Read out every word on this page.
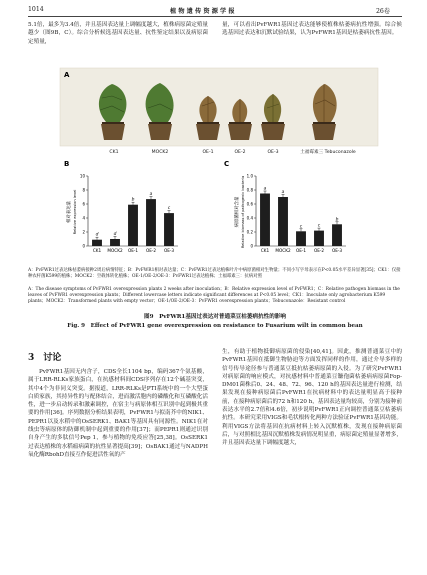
1014	植 物 遗 传 资 源 学 报	26卷

5.1倍，最多为3.4倍，并且基因表达量上调幅度越大，植株病原菌定殖量越少（图9B，C）。综合分析候选基因表达量、抗性鉴定结果以及病原菌定殖量，

量，可以看出PvFWR1基因过表达能够使植株枯萎病抗性增强。综合候选基因过表达和沉默试验结果，认为PvFWR1基因是枯萎病抗性基因。

A
CK1	MOCK2	OE-1	OE-2	OE-3	土福霉素三 Tebuconazole
B
相对表达量 Relative expression level
0
2
4
6
8
10
d
CK1
d
MOCK2
b
OE-1
a
OE-2
c
OE-3
C
病原菌相对含量 Relative biomass of pathogenic bacteria 0
0.2
0.4
0.6
0.8
1.0
a
CK1
a
MOCK2
c
OE-1
c
OE-2
b
OE-3

A：PvFWR1过表达株枯萎病接种2周后病情特征；B：PvFWR1相对表达量；C：PvFWR1过表达植株叶片中病原菌相对生物量；不同小写字母表示在P<0.05水平差异显著[35]；CK1：仅接种农杆菌K599的植株；MOCK2：空载体转化植株；OE-1/OE-2/OE-3：PvFWR1过表达植株；土福霉素三：抗病对照

A：The disease symptoms of PvFWR1 overexpression plants 2 weeks after inoculation；B：Relative expression level of PvFWR1；C：Relative pathogen biomass in the leaves of PvFWR1 overexpression plants；Different lowercase letters indicate significant differences at P<0.05 level；CK1：Inoculate only agrobacterium K599 plants；MOCK2：Transformed plants with empty vector；OE-1/OE-2/OE-3：PvFWR1 overexpression plants；Tebuconazole：Resistant control

图9　PvFWR1基因过表达对普通菜豆枯萎病抗性的影响
Fig. 9　Effect of PvFWR1 gene overexpression on resistance to Fusarium wilt in common bean
3　讨论

PvFWR1基因无内含子，CDS全长1104 bp，编码367个氨基酸，属于LRR-RLKs家族蛋白，在抗感材料间CDS序列存在12个碱基突变，其中4个为非同义突变。据报道，LRR-RLKs是PTI系统中的一个大型蛋白质家族，其持异性的与配体结合，进而激活胞内的磷酸化和互磷酸化活性，进一步启动转录和激素调控，在宿主与病原体相互识别中起到极其重要的作用[36]。序列数据分析结果表明，PvFWR1与拟南芥中的NIK1、PEPR1以及水稻中的OsSERK1、BAK1等基因具有同源性。NIK1在对线虫等病原体的防御机制中起到重要的作用[37]；而PEPR1则通过识别自身产生的多肽信号Pep 1，参与植物的免疫应答[25,38]。OsSERK1过表达植株的水稻瘟病菌的抗性显著提高[39]；OsBAK1通过与NADPH氧化酶RbohD直接互作促进活性氧的产

生，有助于植物抵御病原菌的侵染[40,41]。因此，推测普通菜豆中的PvFWR1基因在抵御生物胁迫等方面发挥同样的作用，通过介导多样的信号传导途径参与普通菜豆抵抗枯萎病原菌的入侵。为了研究PvFWR1对病原菌的响应模式，对抗感材料中普通菜豆镰孢菌枯萎病病原菌Fop-DM01菌株后0、24、48、72、96、120 h的基因表达量进行检测，结果发现在接种病原菌后PvFWR1在抗病材料中的表达量明显高于接种前，在接种病原菌后的72 h和120 h，基因表达量均较高，分别为接种前表达水平的2.7倍和4.6倍，初步说明PvFWR1正向调控普通菜豆枯萎病抗性。本研究采用VIGS和毛状根转化两种方法验证PvFWR1基因功能。利用VIGS方法将基因在抗病材料上转入沉默植株，发现在接种病原菌后，与对照相比基因沉默植株发病情况明显重，病原菌定殖量显著增多，并且基因表达量下调幅度越大，
